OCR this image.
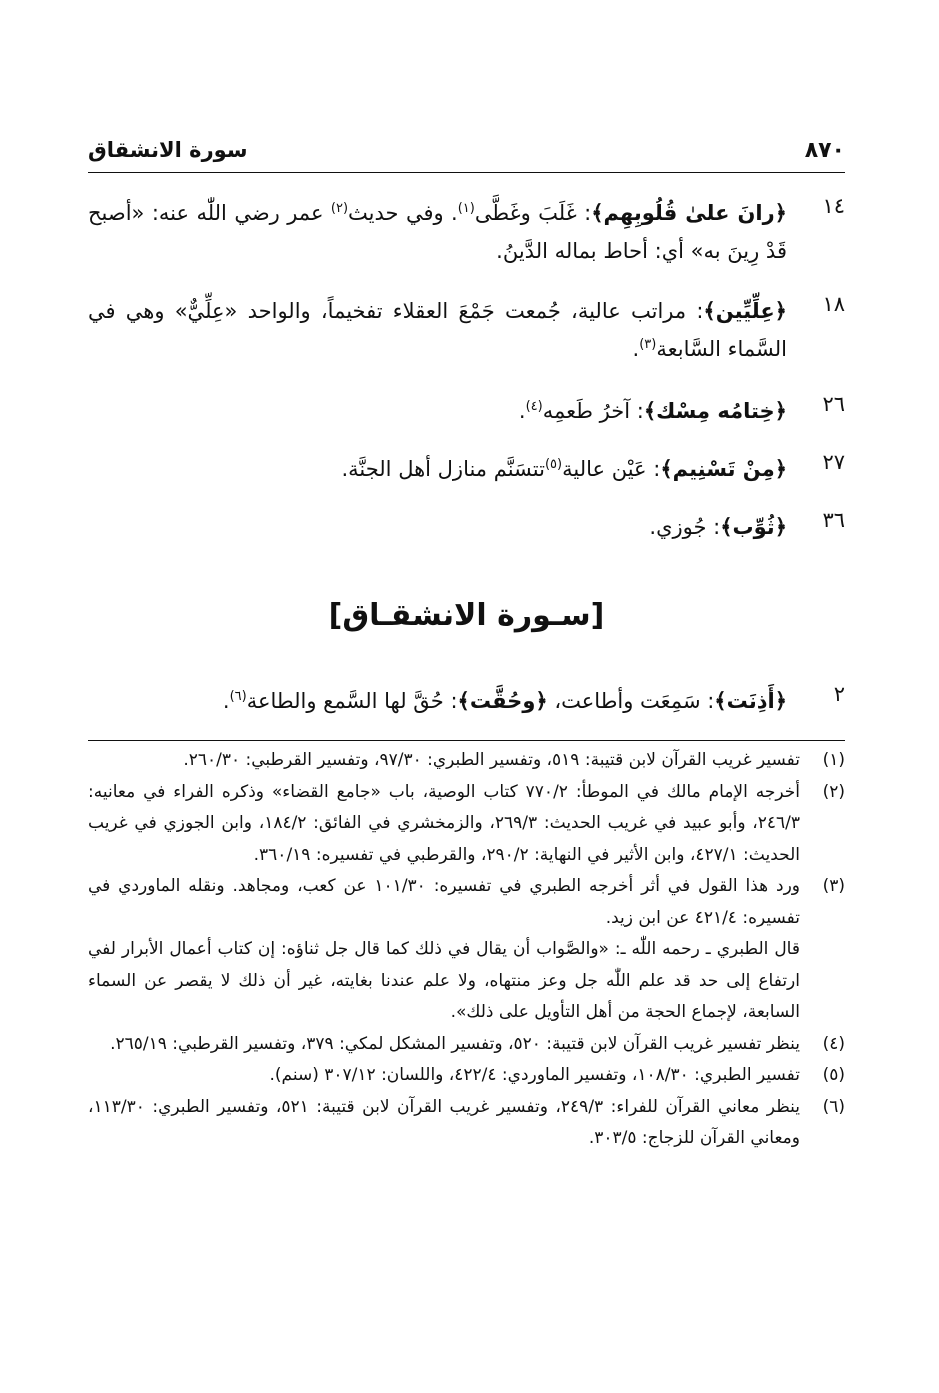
٨٧٠
سورة الانشقاق
١٤
﴿رانَ علىٰ قُلُوبِهِم﴾: غَلَبَ وغَطَّى$^{(١)}$. وفي حديث$^{(٢)}$ عمر رضي اللّٰه عنه: «أصبح قَدْ رِينَ به» أي: أحاط بماله الدَّينُ.
١٨
﴿عِلِّيِّين﴾: مراتب عالية، جُمعت جَمْعَ العقلاء تفخيماً، والواحد «عِلِّيٌّ» وهي في السَّماء السَّابعة$^{(٣)}$.
٢٦
﴿خِتامُه مِسْك﴾: آخرُ طَعمِه$^{(٤)}$.
٢٧
﴿مِنْ تَسْنِيم﴾: عَيْن عالية$^{(٥)}$تتسَنَّم منازل أهل الجنَّة.
٣٦
﴿ثُوِّب﴾: جُوزي.
[سـورة الانشقـاق]
٢
﴿أَذِنَت﴾: سَمِعَت وأطاعت، ﴿وحُقَّت﴾: حُقَّ لها السَّمع والطاعة$^{(٦)}$.
(١)

تفسير غريب القرآن لابن قتيبة: ٥١٩، وتفسير الطبري: ٩٧/٣٠، وتفسير القرطبي: ٢٦٠/٣٠.

(٢)

أخرجه الإمام مالك في الموطأ: ٧٧٠/٢ كتاب الوصية، باب «جامع القضاء» وذكره الفراء في معانيه: ٢٤٦/٣، وأبو عبيد في غريب الحديث: ٢٦٩/٣، والزمخشري في الفائق: ١٨٤/٢، وابن الجوزي في غريب الحديث: ٤٢٧/١، وابن الأثير في النهاية: ٢٩٠/٢، والقرطبي في تفسيره: ٣٦٠/١٩.

(٣)

ورد هذا القول في أثر أخرجه الطبري في تفسيره: ١٠١/٣٠ عن كعب، ومجاهد. ونقله الماوردي في تفسيره: ٤٢١/٤ عن ابن زيد.

قال الطبري ـ رحمه اللّٰه ـ: «والصَّواب أن يقال في ذلك كما قال جل ثناؤه: إن كتاب أعمال الأبرار لفي ارتفاع إلى حد قد علم اللّٰه جل وعز منتهاه، ولا علم عندنا بغايته، غير أن ذلك لا يقصر عن السماء السابعة، لإجماع الحجة من أهل التأويل على ذلك».

(٤)

ينظر تفسير غريب القرآن لابن قتيبة: ٥٢٠، وتفسير المشكل لمكي: ٣٧٩، وتفسير القرطبي: ٢٦٥/١٩.

(٥)

تفسير الطبري: ١٠٨/٣٠، وتفسير الماوردي: ٤٢٢/٤، واللسان: ٣٠٧/١٢ (سنم).

(٦)

ينظر معاني القرآن للفراء: ٢٤٩/٣، وتفسير غريب القرآن لابن قتيبة: ٥٢١، وتفسير الطبري: ١١٣/٣٠، ومعاني القرآن للزجاج: ٣٠٣/٥.
